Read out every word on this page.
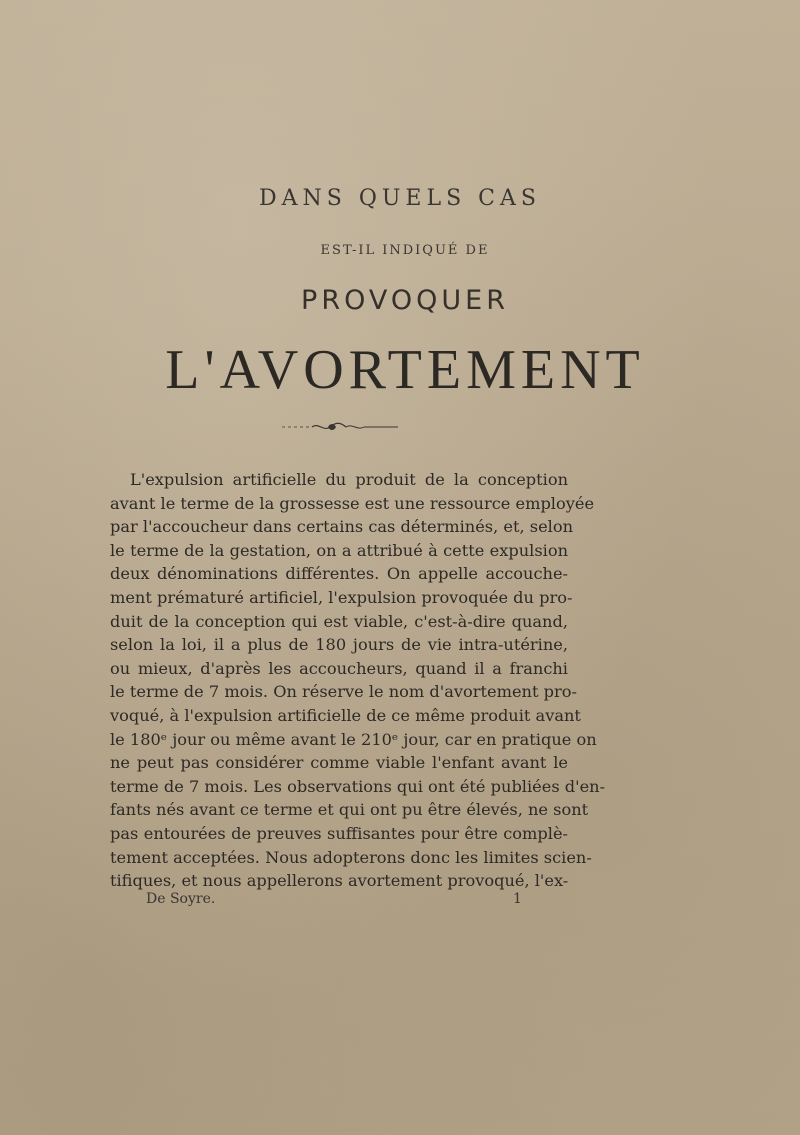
DANS QUELS CAS
EST-IL INDIQUÉ DE
PROVOQUER
L'AVORTEMENT
L'expulsion artificielle du produit de la conception
avant le terme de la grossesse est une ressource employée
par l'accoucheur dans certains cas déterminés, et, selon
le terme de la gestation, on a attribué à cette expulsion
deux dénominations différentes. On appelle accouche-
ment prématuré artificiel, l'expulsion provoquée du pro-
duit de la conception qui est viable, c'est-à-dire quand,
selon la loi, il a plus de 180 jours de vie intra-utérine,
ou mieux, d'après les accoucheurs, quand il a franchi
le terme de 7 mois. On réserve le nom d'avortement pro-
voqué, à l'expulsion artificielle de ce même produit avant
le 180ᵉ jour ou même avant le 210ᵉ jour, car en pratique on
ne peut pas considérer comme viable l'enfant avant le
terme de 7 mois. Les observations qui ont été publiées d'en-
fants nés avant ce terme et qui ont pu être élevés, ne sont
pas entourées de preuves suffisantes pour être complè-
tement acceptées. Nous adopterons donc les limites scien-
tifiques, et nous appellerons avortement provoqué, l'ex-
De Soyre.	1
